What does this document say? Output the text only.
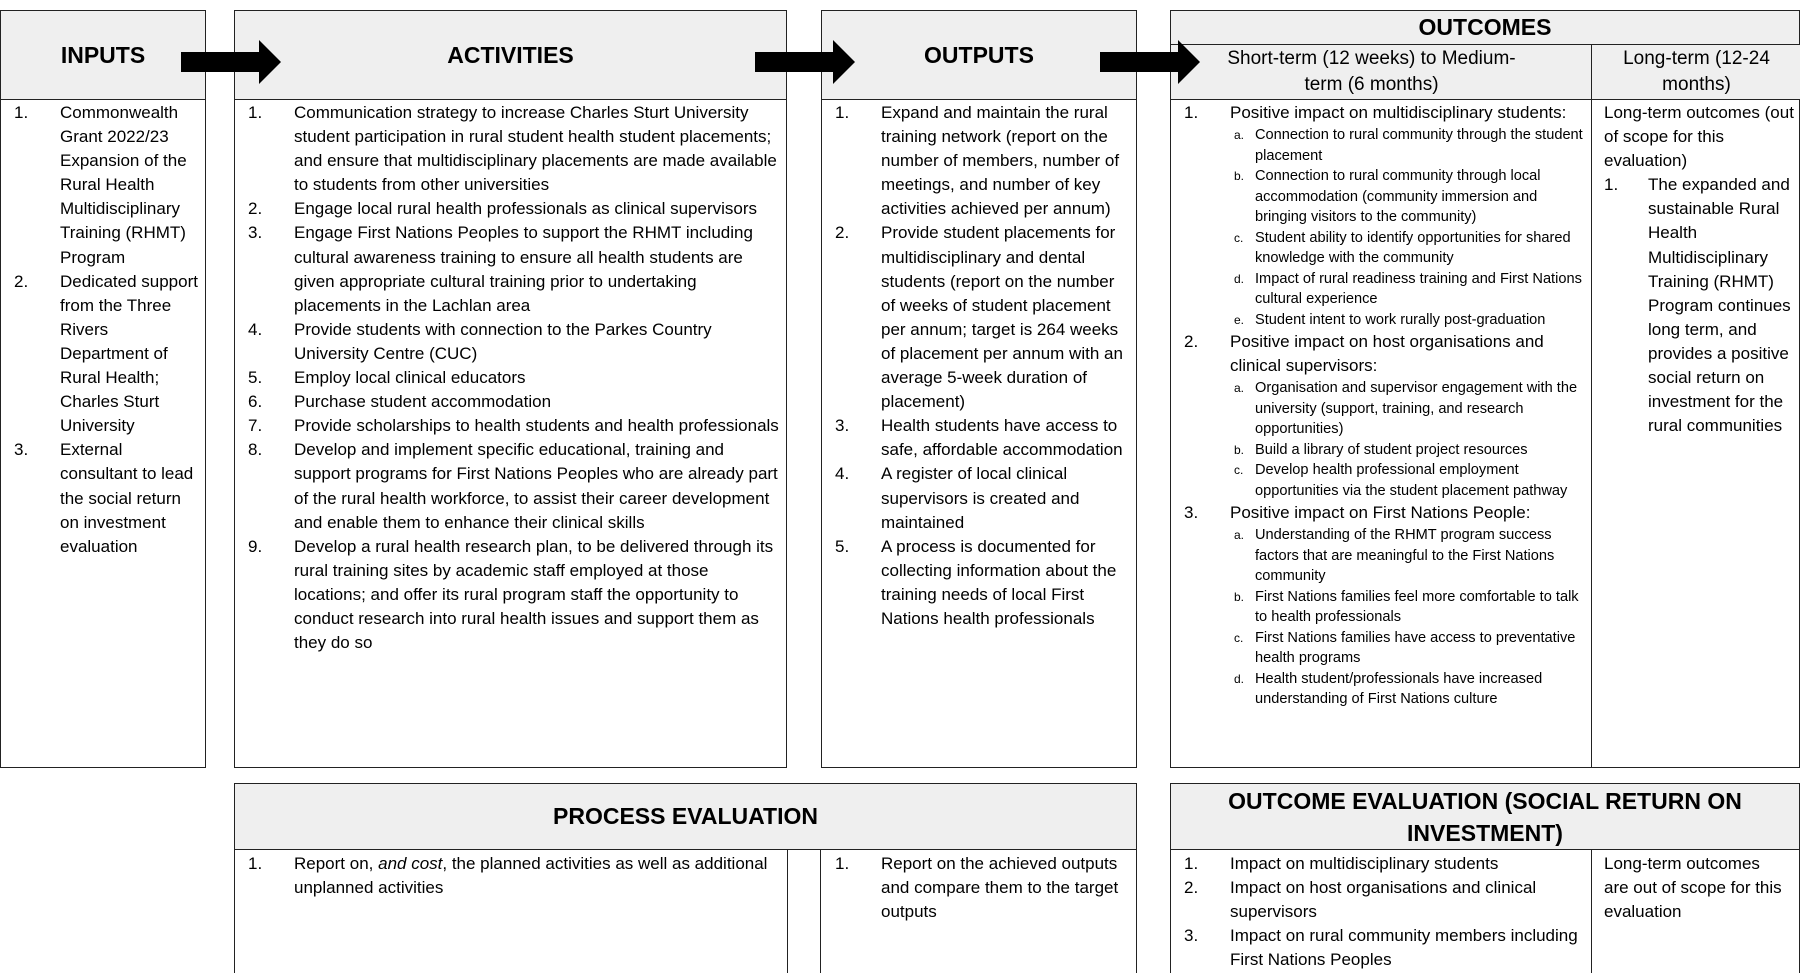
INPUTS
1. Commonwealth Grant 2022/23 Expansion of the Rural Health Multidisciplinary Training (RHMT) Program
2. Dedicated support from the Three Rivers Department of Rural Health; Charles Sturt University
3. External consultant to lead the social return on investment evaluation
ACTIVITIES
1. Communication strategy to increase Charles Sturt University student participation in rural student health student placements; and ensure that multidisciplinary placements are made available to students from other universities
2. Engage local rural health professionals as clinical supervisors
3. Engage First Nations Peoples to support the RHMT including cultural awareness training to ensure all health students are given appropriate cultural training prior to undertaking placements in the Lachlan area
4. Provide students with connection to the Parkes Country University Centre (CUC)
5. Employ local clinical educators
6. Purchase student accommodation
7. Provide scholarships to health students and health professionals
8. Develop and implement specific educational, training and support programs for First Nations Peoples who are already part of the rural health workforce, to assist their career development and enable them to enhance their clinical skills
9. Develop a rural health research plan, to be delivered through its rural training sites by academic staff employed at those locations; and offer its rural program staff the opportunity to conduct research into rural health issues and support them as they do so
OUTPUTS
1. Expand and maintain the rural training network (report on the number of members, number of meetings, and number of key activities achieved per annum)
2. Provide student placements for multidisciplinary and dental students (report on the number of weeks of student placement per annum; target is 264 weeks of placement per annum with an average 5-week duration of placement)
3. Health students have access to safe, affordable accommodation
4. A register of local clinical supervisors is created and maintained
5. A process is documented for collecting information about the training needs of local First Nations health professionals
OUTCOMES
Short-term (12 weeks) to Medium-term (6 months)
Long-term (12-24 months)
1. Positive impact on multidisciplinary students:
a. Connection to rural community through the student placement
b. Connection to rural community through local accommodation (community immersion and bringing visitors to the community)
c. Student ability to identify opportunities for shared knowledge with the community
d. Impact of rural readiness training and First Nations cultural experience
e. Student intent to work rurally post-graduation
2. Positive impact on host organisations and clinical supervisors:
a. Organisation and supervisor engagement with the university (support, training, and research opportunities)
b. Build a library of student project resources
c. Develop health professional employment opportunities via the student placement pathway
3. Positive impact on First Nations People:
a. Understanding of the RHMT program success factors that are meaningful to the First Nations community
b. First Nations families feel more comfortable to talk to health professionals
c. First Nations families have access to preventative health programs
d. Health student/professionals have increased understanding of First Nations culture
Long-term outcomes (out of scope for this evaluation)
1. The expanded and sustainable Rural Health Multidisciplinary Training (RHMT) Program continues long term, and provides a positive social return on investment for the rural communities
PROCESS EVALUATION
1. Report on, and cost, the planned activities as well as additional unplanned activities
1. Report on the achieved outputs and compare them to the target outputs
OUTCOME EVALUATION (SOCIAL RETURN ON INVESTMENT)
1. Impact on multidisciplinary students
2. Impact on host organisations and clinical supervisors
3. Impact on rural community members including First Nations Peoples
Long-term outcomes are out of scope for this evaluation
